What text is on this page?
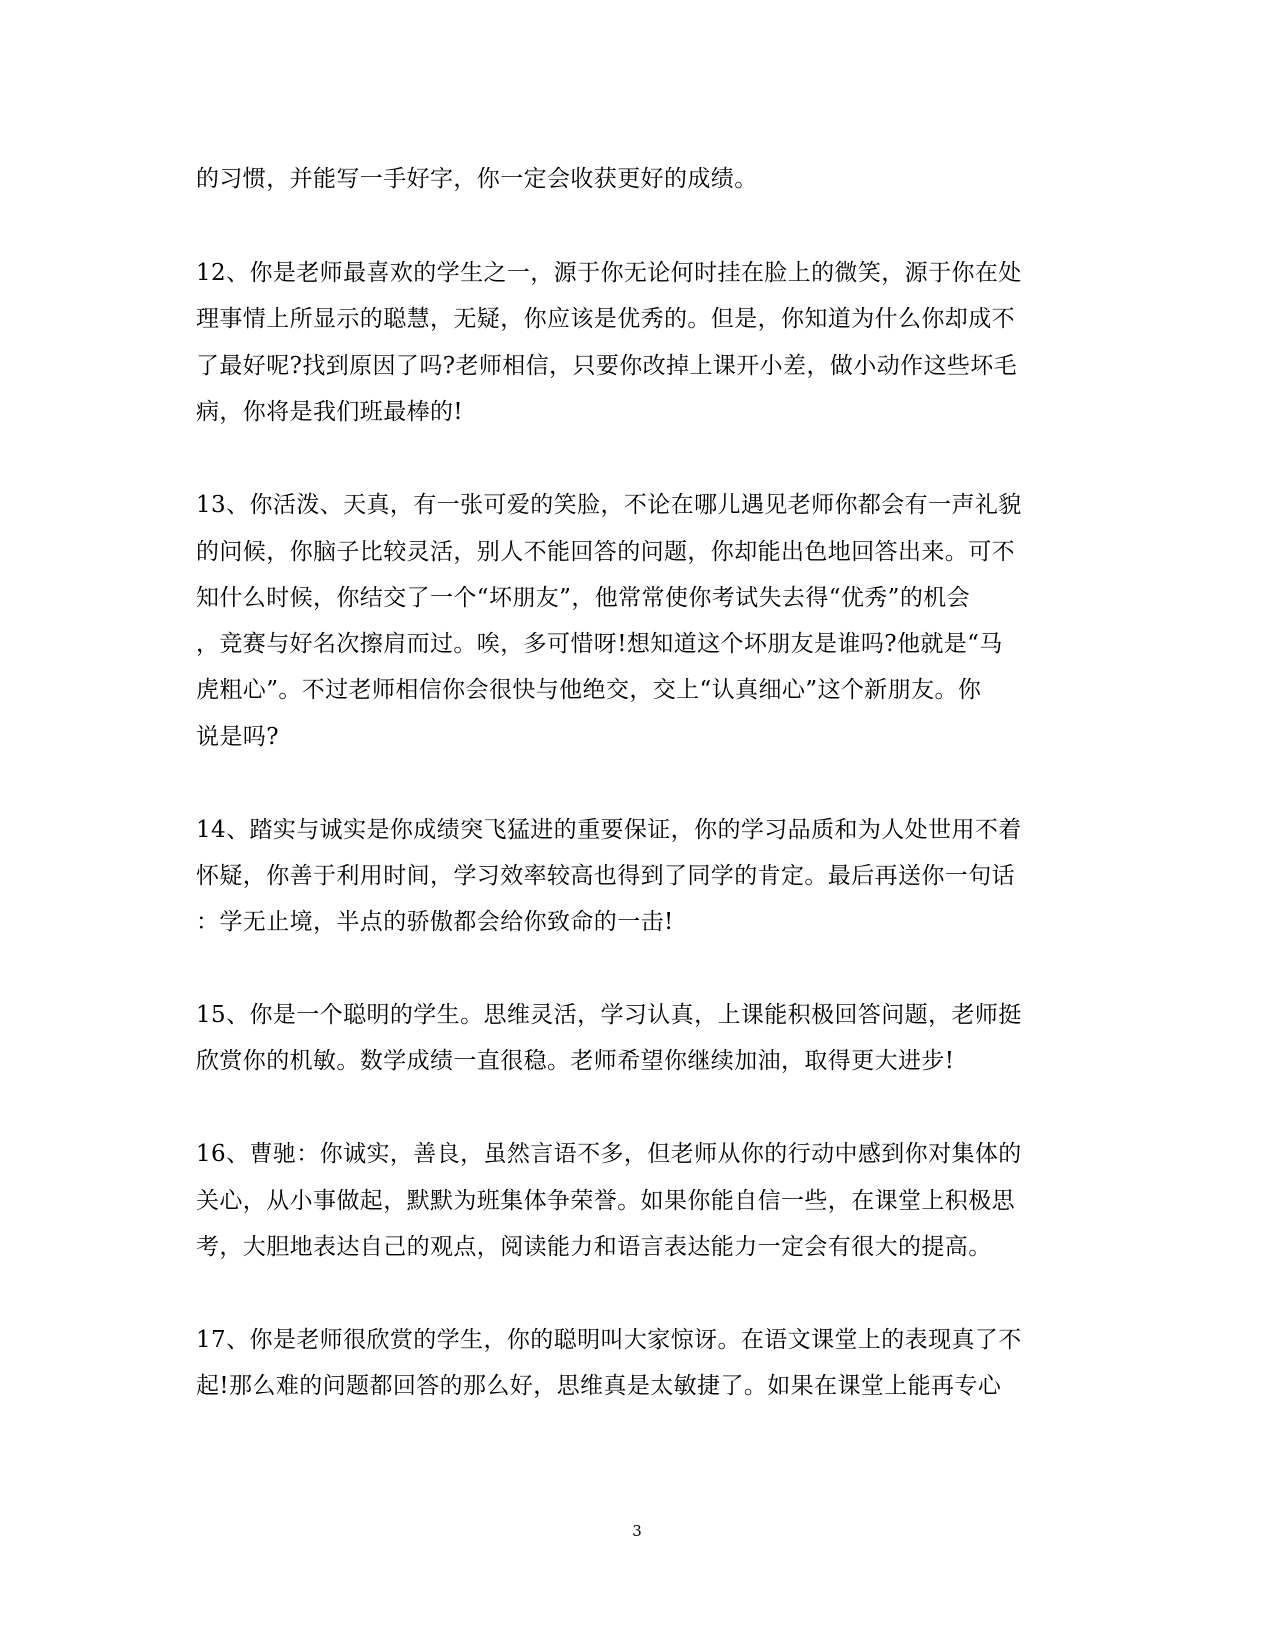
的习惯，并能写一手好字，你一定会收获更好的成绩。
12、你是老师最喜欢的学生之一，源于你无论何时挂在脸上的微笑，源于你在处
理事情上所显示的聪慧，无疑，你应该是优秀的。但是，你知道为什么你却成不
了最好呢?找到原因了吗?老师相信，只要你改掉上课开小差，做小动作这些坏毛
病，你将是我们班最棒的!
13、你活泼、天真，有一张可爱的笑脸，不论在哪儿遇见老师你都会有一声礼貌
的问候，你脑子比较灵活，别人不能回答的问题，你却能出色地回答出来。可不
知什么时候，你结交了一个“坏朋友”，他常常使你考试失去得“优秀”的机会
，竞赛与好名次擦肩而过。唉，多可惜呀!想知道这个坏朋友是谁吗?他就是“马
虎粗心”。不过老师相信你会很快与他绝交，交上“认真细心”这个新朋友。你
说是吗?
14、踏实与诚实是你成绩突飞猛进的重要保证，你的学习品质和为人处世用不着
怀疑，你善于利用时间，学习效率较高也得到了同学的肯定。最后再送你一句话
：学无止境，半点的骄傲都会给你致命的一击!
15、你是一个聪明的学生。思维灵活，学习认真，上课能积极回答问题，老师挺
欣赏你的机敏。数学成绩一直很稳。老师希望你继续加油，取得更大进步!
16、曹驰：你诚实，善良，虽然言语不多，但老师从你的行动中感到你对集体的
关心，从小事做起，默默为班集体争荣誉。如果你能自信一些，在课堂上积极思
考，大胆地表达自己的观点，阅读能力和语言表达能力一定会有很大的提高。
17、你是老师很欣赏的学生，你的聪明叫大家惊讶。在语文课堂上的表现真了不
起!那么难的问题都回答的那么好，思维真是太敏捷了。如果在课堂上能再专心
3
